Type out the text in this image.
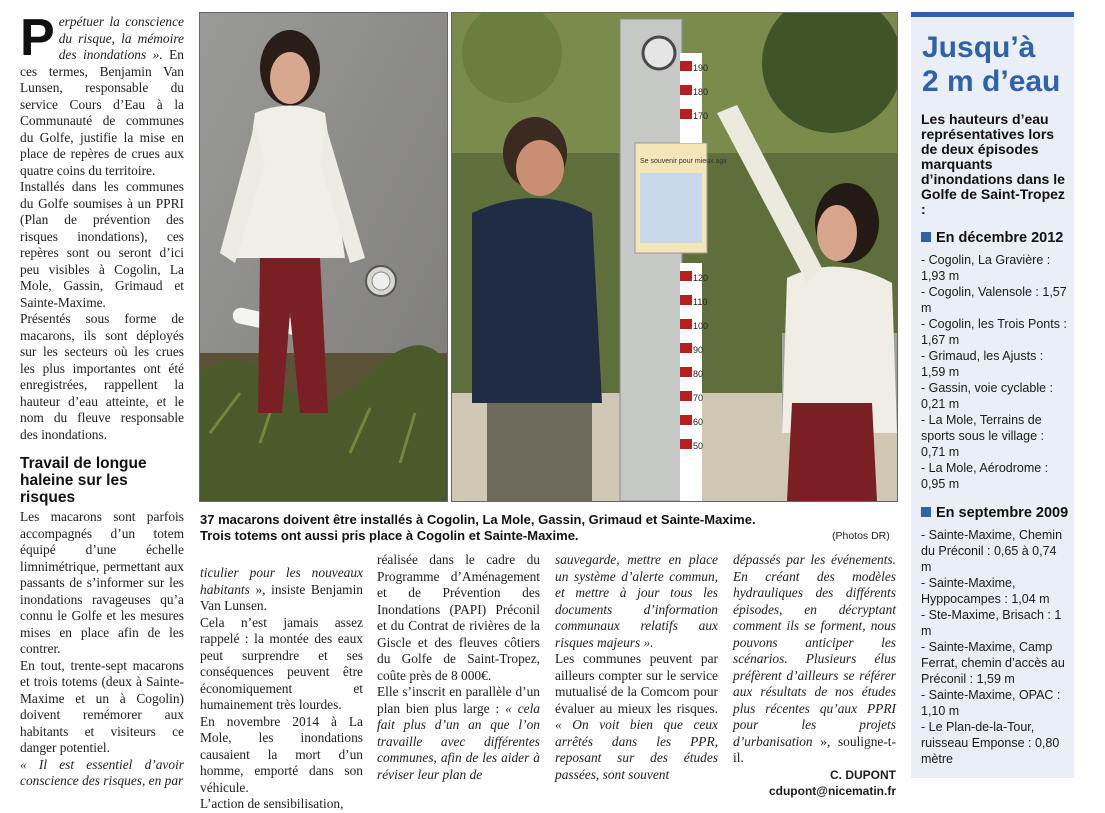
Perpétuer la conscience du risque, la mémoire des inondations ». En ces termes, Benjamin Van Lunsen, responsable du service Cours d’Eau à la Communauté de communes du Golfe, justifie la mise en place de repères de crues aux quatre coins du territoire.

Installés dans les communes du Golfe soumises à un PPRI (Plan de prévention des risques inondations), ces repères sont ou seront d’ici peu visibles à Cogolin, La Mole, Gassin, Grimaud et Sainte-Maxime.

Présentés sous forme de macarons, ils sont déployés sur les secteurs où les crues les plus importantes ont été enregistrées, rappellent la hauteur d’eau atteinte, et le nom du fleuve responsable des inondations.

Travail de longue haleine sur les risques

Les macarons sont parfois accompagnés d’un totem équipé d’une échelle limnimétrique, permettant aux passants de s’informer sur les inondations ravageuses qu’a connu le Golfe et les mesures mises en place afin de les contrer.

En tout, trente-sept macarons et trois totems (deux à Sainte-Maxime et un à Cogolin) doivent remémorer aux habitants et visiteurs ce danger potentiel.

« Il est essentiel d’avoir conscience des risques, en par

190
180
170
120
110
100
90
80
70
60
50
Se souvenir pour mieux agir
37 macarons doivent être installés à Cogolin, La Mole, Gassin, Grimaud et Sainte-Maxime.
Trois totems ont aussi pris place à Cogolin et Sainte-Maxime.	(Photos DR)

ticulier pour les nouveaux habitants », insiste Benjamin Van Lunsen.

Cela n’est jamais assez rappelé : la montée des eaux peut surprendre et ses conséquences peuvent être économiquement et humainement très lourdes.

En novembre 2014 à La Mole, les inondations causaient la mort d’un homme, emporté dans son véhicule.

L’action de sensibilisation,

réalisée dans le cadre du Programme d’Aménagement et de Prévention des Inondations (PAPI) Préconil et du Contrat de rivières de la Giscle et des fleuves côtiers du Golfe de Saint-Tropez, coûte près de 8 000€.

Elle s’inscrit en parallèle d’un plan bien plus large : « cela fait plus d’un an que l’on travaille avec différentes communes, afin de les aider à réviser leur plan de

sauvegarde, mettre en place un système d’alerte commun, et mettre à jour tous les documents d’information communaux relatifs aux risques majeurs ».

Les communes peuvent par ailleurs compter sur le service mutualisé de la Comcom pour évaluer au mieux les risques. « On voit bien que ceux arrêtés dans les PPR, reposant sur des études passées, sont souvent

dépassés par les événements. En créant des modèles hydrauliques des différents épisodes, en décryptant comment ils se forment, nous pouvons anticiper les scénarios. Plusieurs élus préfèrent d’ailleurs se référer aux résultats de nos études plus récentes qu’aux PPRI pour les projets d’urbanisation », souligne-t-il.

C. DUPONT
cdupont@nicematin.fr
Jusqu’à
2 m d’eau
Les hauteurs d’eau représentatives lors de deux épisodes marquants d’inondations dans le Golfe de Saint-Tropez :
En décembre 2012
- Cogolin, La Gravière : 1,93 m
- Cogolin, Valensole : 1,57 m
- Cogolin, les Trois Ponts : 1,67 m
- Grimaud, les Ajusts : 1,59 m
- Gassin, voie cyclable : 0,21 m
- La Mole, Terrains de sports sous le village : 0,71 m
- La Mole, Aérodrome : 0,95 m
En septembre 2009
- Sainte-Maxime, Chemin du Préconil : 0,65 à 0,74 m
- Sainte-Maxime, Hyppocampes : 1,04 m
- Ste-Maxime, Brisach : 1 m
- Sainte-Maxime, Camp Ferrat, chemin d’accès au Préconil : 1,59 m
- Sainte-Maxime, OPAC : 1,10 m
- Le Plan-de-la-Tour, ruisseau Emponse : 0,80 mètre
